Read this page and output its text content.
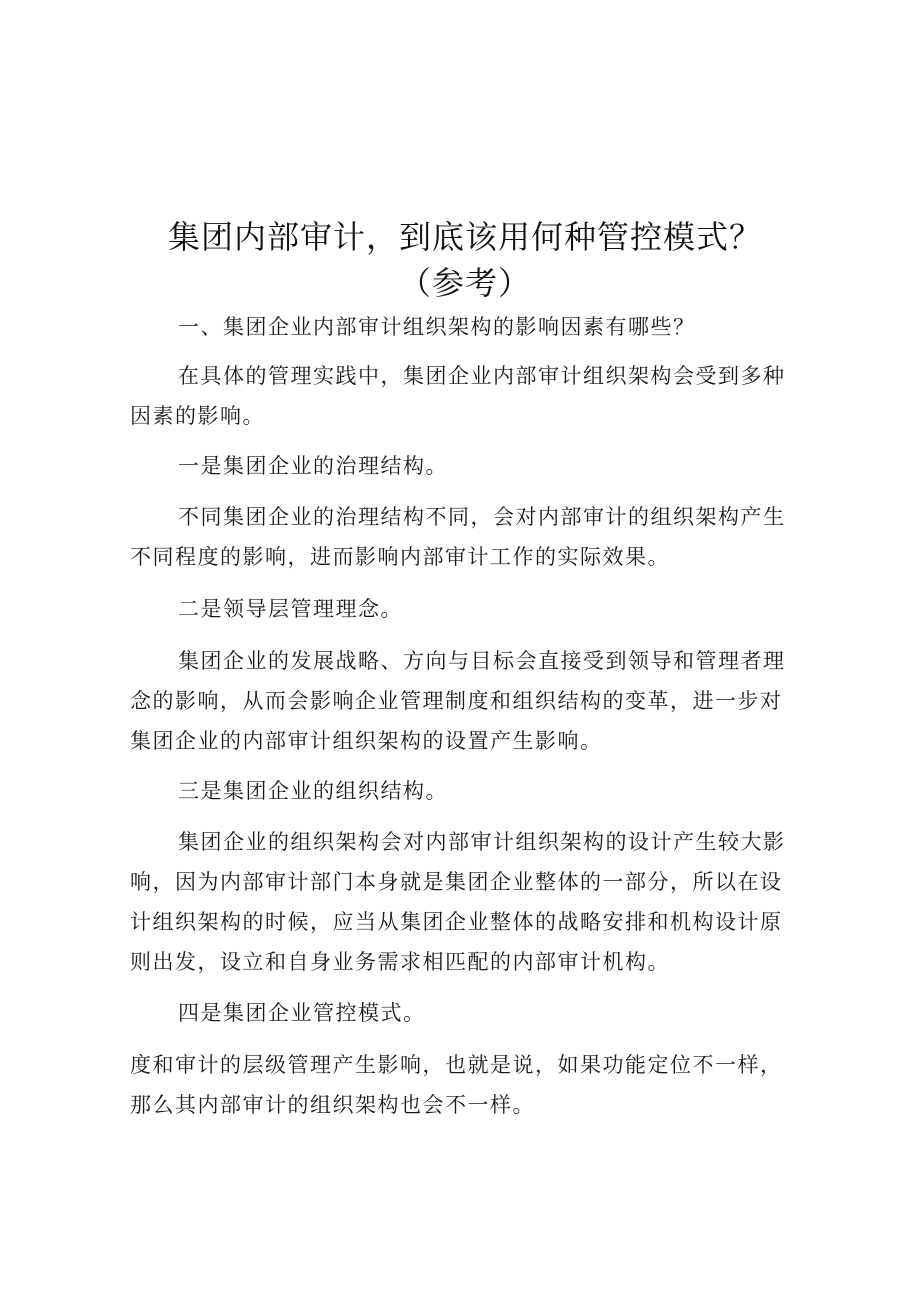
集团内部审计，到底该用何种管控模式？（参考）

一、集团企业内部审计组织架构的影响因素有哪些？

在具体的管理实践中，集团企业内部审计组织架构会受到多种因素的影响。

一是集团企业的治理结构。

不同集团企业的治理结构不同，会对内部审计的组织架构产生不同程度的影响，进而影响内部审计工作的实际效果。

二是领导层管理理念。

集团企业的发展战略、方向与目标会直接受到领导和管理者理念的影响，从而会影响企业管理制度和组织结构的变革，进一步对集团企业的内部审计组织架构的设置产生影响。

三是集团企业的组织结构。

集团企业的组织架构会对内部审计组织架构的设计产生较大影响，因为内部审计部门本身就是集团企业整体的一部分，所以在设计组织架构的时候，应当从集团企业整体的战略安排和机构设计原则出发，设立和自身业务需求相匹配的内部审计机构。

四是集团企业管控模式。

度和审计的层级管理产生影响，也就是说，如果功能定位不一样，那么其内部审计的组织架构也会不一样。
